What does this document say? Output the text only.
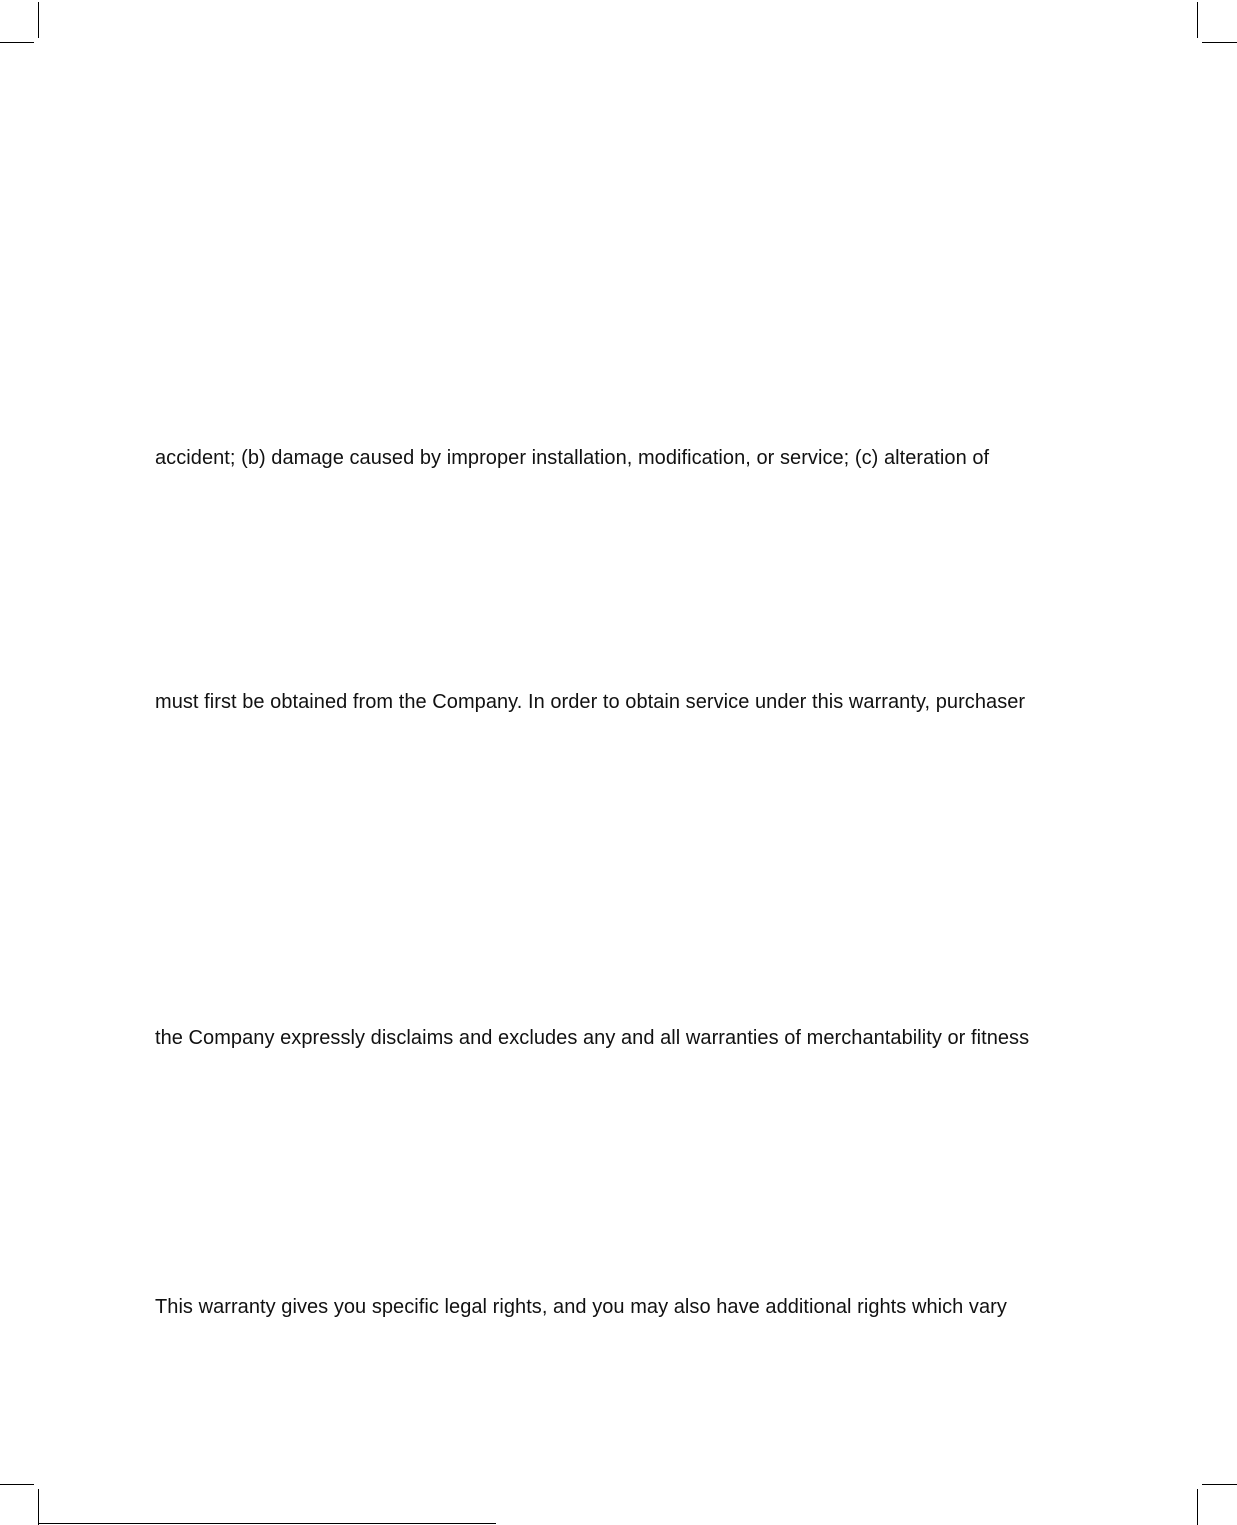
accident; (b) damage caused by improper installation, modification, or service; (c) alteration of
must first be obtained from the Company. In order to obtain service under this warranty, purchaser
the Company expressly disclaims and excludes any and all warranties of merchantability or fitness
This warranty gives you specific legal rights, and you may also have additional rights which vary
